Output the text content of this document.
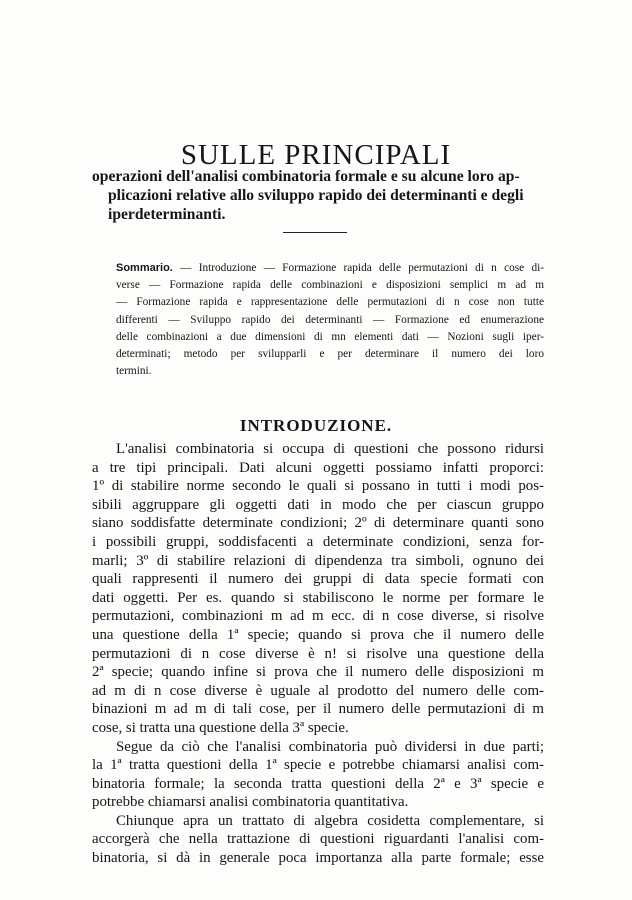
SULLE PRINCIPALI
operazioni dell'analisi combinatoria formale e su alcune loro ap-
plicazioni relative allo sviluppo rapido dei determinanti e degli
iperdeterminanti.
Sommario. — Introduzione — Formazione rapida delle permutazioni di n cose di-
verse — Formazione rapida delle combinazioni e disposizioni semplici m ad m
— Formazione rapida e rappresentazione delle permutazioni di n cose non tutte
differenti — Sviluppo rapido dei determinanti — Formazione ed enumerazione
delle combinazioni a due dimensioni di mn elementi dati — Nozioni sugli iper-
determinati; metodo per svilupparli e per determinare il numero dei loro
termini.
INTRODUZIONE.
L'analisi combinatoria si occupa di questioni che possono ridursi
a tre tipi principali. Dati alcuni oggetti possiamo infatti proporci:
1º di stabilire norme secondo le quali si possano in tutti i modi pos-
sibili aggruppare gli oggetti dati in modo che per ciascun gruppo
siano soddisfatte determinate condizioni; 2º di determinare quanti sono
i possibili gruppi, soddisfacenti a determinate condizioni, senza for-
marli; 3º di stabilire relazioni di dipendenza tra simboli, ognuno dei
quali rappresenti il numero dei gruppi di data specie formati con
dati oggetti. Per es. quando si stabiliscono le norme per formare le
permutazioni, combinazioni m ad m ecc. di n cose diverse, si risolve
una questione della 1ª specie; quando si prova che il numero delle
permutazioni di n cose diverse è n! si risolve una questione della
2ª specie; quando infine si prova che il numero delle disposizioni m
ad m di n cose diverse è uguale al prodotto del numero delle com-
binazioni m ad m di tali cose, per il numero delle permutazioni di m
cose, si tratta una questione della 3ª specie.
Segue da ciò che l'analisi combinatoria può dividersi in due parti;
la 1ª tratta questioni della 1ª specie e potrebbe chiamarsi analisi com-
binatoria formale; la seconda tratta questioni della 2ª e 3ª specie e
potrebbe chiamarsi analisi combinatoria quantitativa.
Chiunque apra un trattato di algebra cosidetta complementare, si
accorgerà che nella trattazione di questioni riguardanti l'analisi com-
binatoria, si dà in generale poca importanza alla parte formale; esse
